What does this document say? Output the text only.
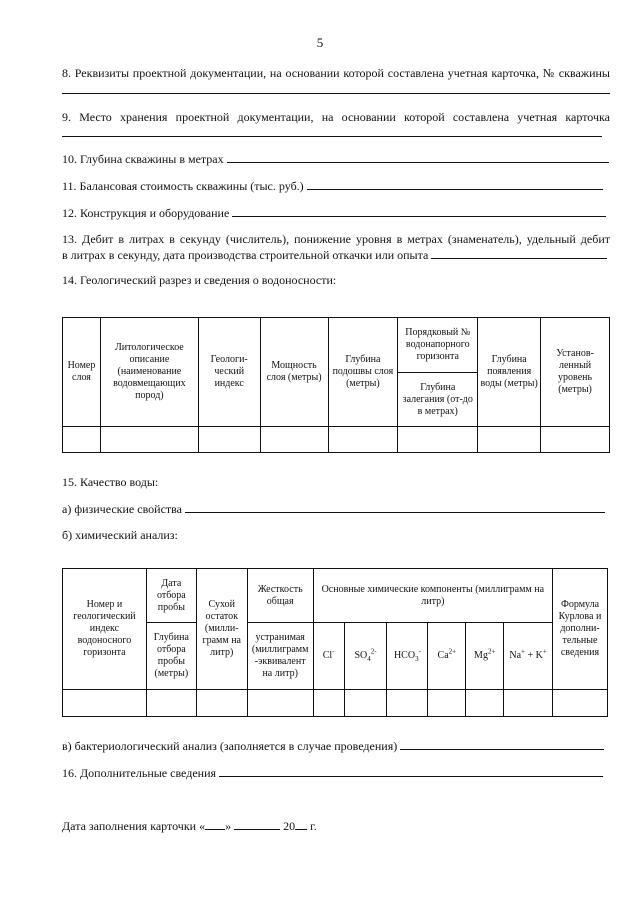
5
8. Реквизиты проектной документации, на основании которой составлена учетная карточка, № скважины
9. Место хранения проектной документации, на основании которой составлена учетная карточка
10. Глубина скважины в метрах
11. Балансовая стоимость скважины (тыс. руб.)
12. Конструкция и оборудование
13. Дебит в литрах в секунду (числитель), понижение уровня в метрах (знаменатель), удельный дебит
в литрах в секунду, дата производства строительной откачки или опыта
14. Геологический разрез и сведения о водоносности:
Номер слоя	Литологическое описание (наименование водовмещающих пород)	Геологи-ческий индекс	Мощность слоя (метры)	Глубина подошвы слоя (метры)	Порядковый № водонапорного горизонта	Глубина появления воды (метры)	Установ-ленный уровень (метры)
					Глубина залегания (от-до в метрах)		

15. Качество воды:
а) физические свойства
б) химический анализ:
Номер и геологический индекс водоносного горизонта	Дата отбора пробы	Сухой остаток (милли-грамм на литр)	Жесткость общая	Основные химические компоненты (миллиграмм на литр)						Формула Курлова и дополни-тельные сведения
	Глубина отбора пробы (метры)		устранимая (миллиграмм -эквивалент на литр)	Cl-	$SO_4^{2-}$	$HCO_3^-$	$Ca^{2+}$	$Mg^{2+}$	Na+ + K+

в) бактериологический анализ (заполняется в случае проведения)
16. Дополнительные сведения
Дата заполнения карточки « »	20 г.
